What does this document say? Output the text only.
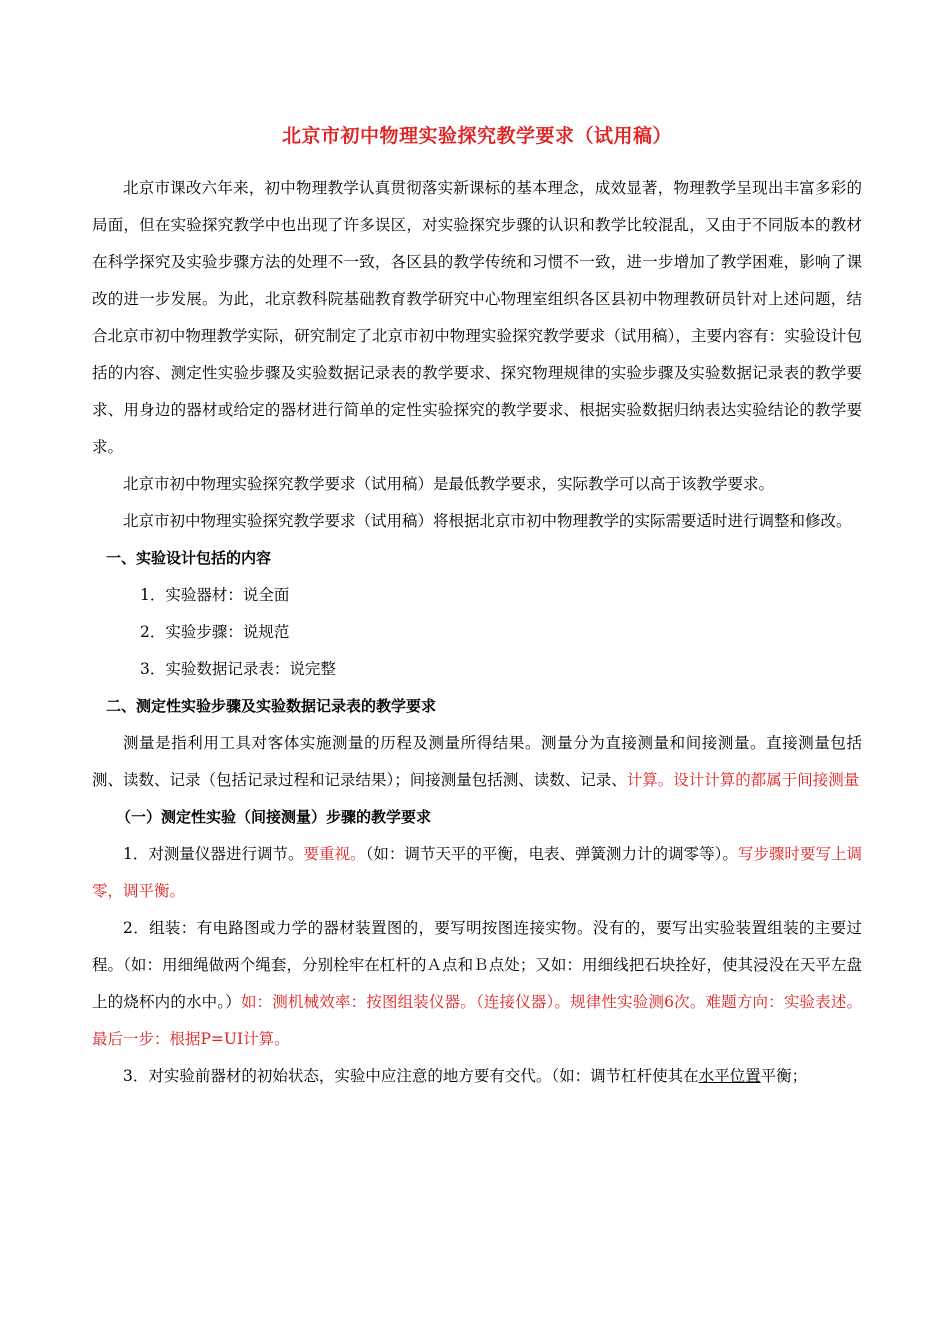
北京市初中物理实验探究教学要求（试用稿）

北京市课改六年来，初中物理教学认真贯彻落实新课标的基本理念，成效显著，物理教学呈现出丰富多彩的局面，但在实验探究教学中也出现了许多误区，对实验探究步骤的认识和教学比较混乱，又由于不同版本的教材在科学探究及实验步骤方法的处理不一致，各区县的教学传统和习惯不一致，进一步增加了教学困难，影响了课改的进一步发展。为此，北京教科院基础教育教学研究中心物理室组织各区县初中物理教研员针对上述问题，结合北京市初中物理教学实际，研究制定了北京市初中物理实验探究教学要求（试用稿），主要内容有：实验设计包括的内容、测定性实验步骤及实验数据记录表的教学要求、探究物理规律的实验步骤及实验数据记录表的教学要求、用身边的器材或给定的器材进行简单的定性实验探究的教学要求、根据实验数据归纳表达实验结论的教学要求。

北京市初中物理实验探究教学要求（试用稿）是最低教学要求，实际教学可以高于该教学要求。

北京市初中物理实验探究教学要求（试用稿）将根据北京市初中物理教学的实际需要适时进行调整和修改。

一、实验设计包括的内容

1．实验器材：说全面

2．实验步骤：说规范

3．实验数据记录表：说完整

二、测定性实验步骤及实验数据记录表的教学要求

测量是指利用工具对客体实施测量的历程及测量所得结果。测量分为直接测量和间接测量。直接测量包括测、读数、记录（包括记录过程和记录结果）；间接测量包括测、读数、记录、计算。设计计算的都属于间接测量

（一）测定性实验（间接测量）步骤的教学要求

1．对测量仪器进行调节。要重视。（如：调节天平的平衡，电表、弹簧测力计的调零等）。写步骤时要写上调零，调平衡。

2．组装：有电路图或力学的器材装置图的，要写明按图连接实物。没有的，要写出实验装置组装的主要过程。（如：用细绳做两个绳套，分别栓牢在杠杆的Ａ点和Ｂ点处；又如：用细线把石块拴好，使其浸没在天平左盘上的烧杯内的水中。）如：测机械效率：按图组装仪器。（连接仪器）。规律性实验测6次。难题方向：实验表述。最后一步：根据P=UI计算。

3．对实验前器材的初始状态，实验中应注意的地方要有交代。（如：调节杠杆使其在水平位置平衡；
